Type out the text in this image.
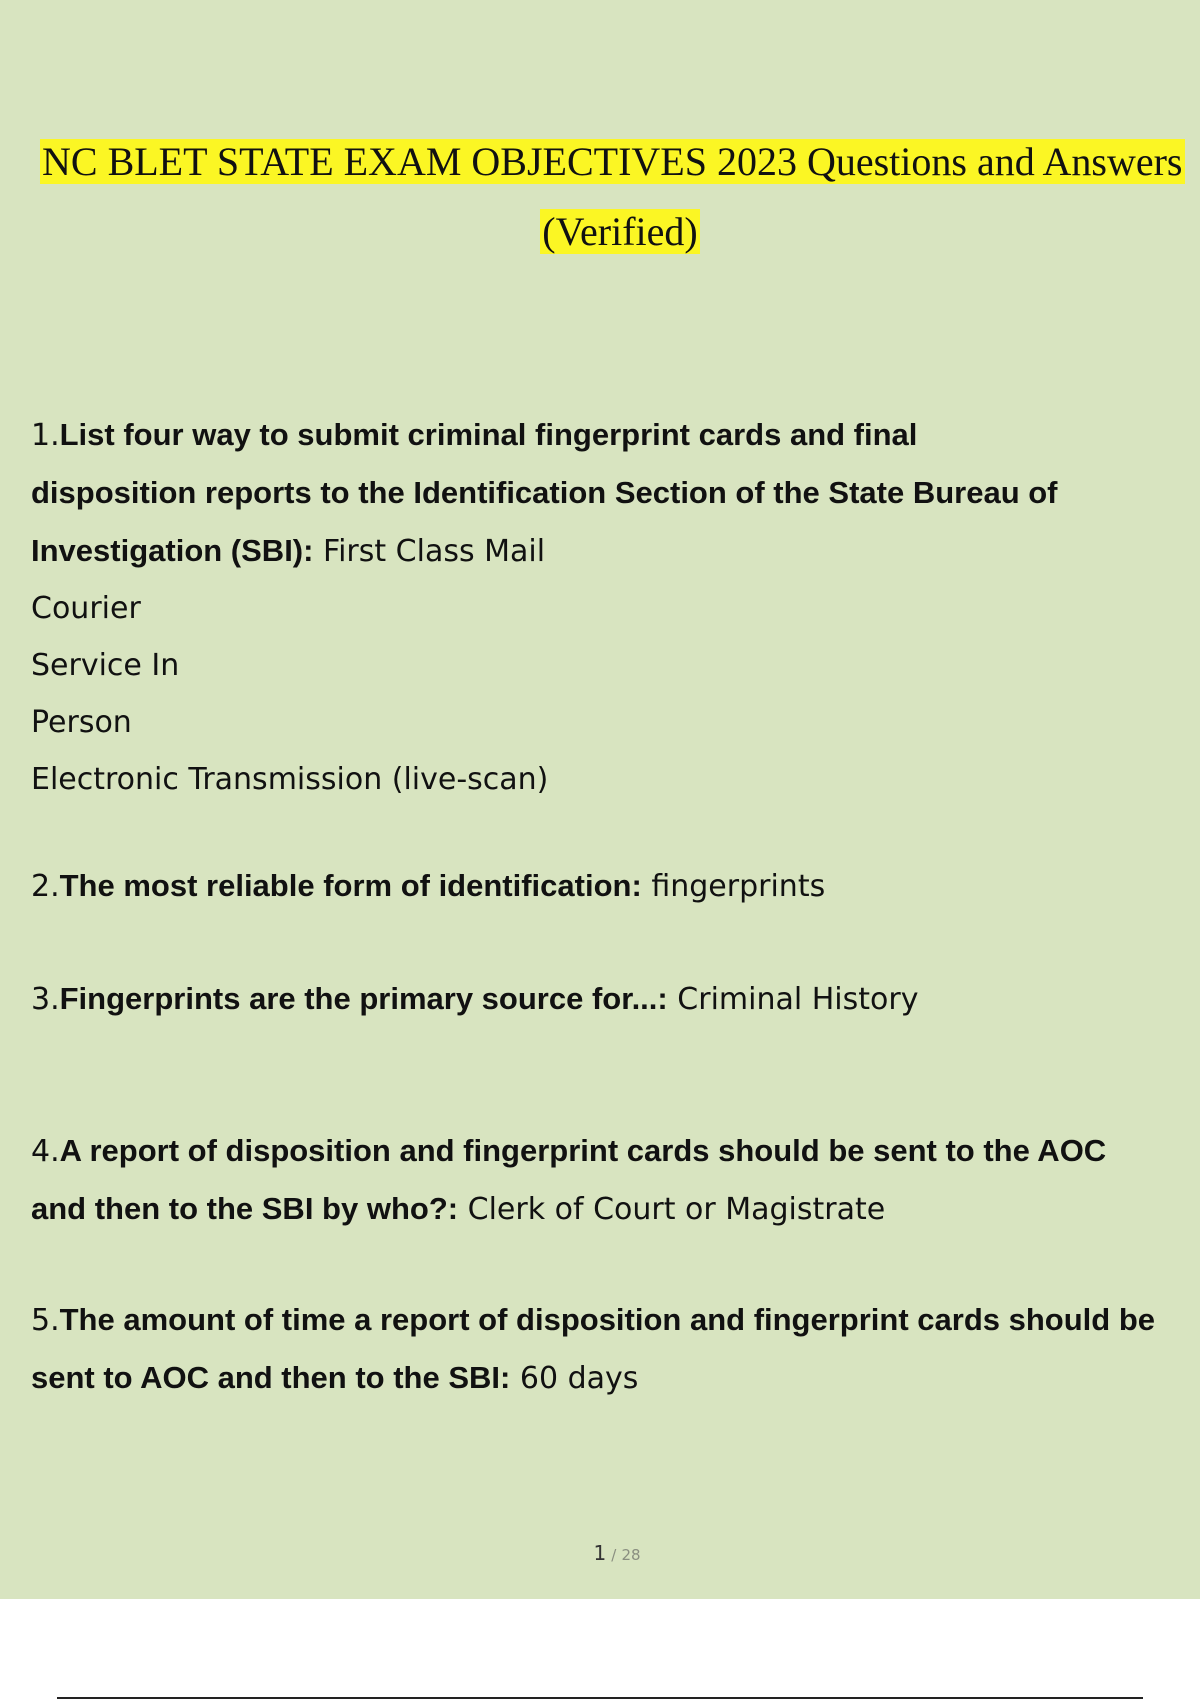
NC BLET STATE EXAM OBJECTIVES 2023 Questions and Answers
(Verified)
1.List four way to submit criminal fingerprint cards and final
disposition reports to the Identification Section of the State Bureau of
Investigation (SBI): First Class Mail
Courier
Service In
Person
Electronic Transmission (live-scan)
2.The most reliable form of identification: fingerprints
3.Fingerprints are the primary source for...: Criminal History
4.A report of disposition and fingerprint cards should be sent to the AOC
and then to the SBI by who?: Clerk of Court or Magistrate
5.The amount of time a report of disposition and fingerprint cards should be
sent to AOC and then to the SBI: 60 days
1 / 28
